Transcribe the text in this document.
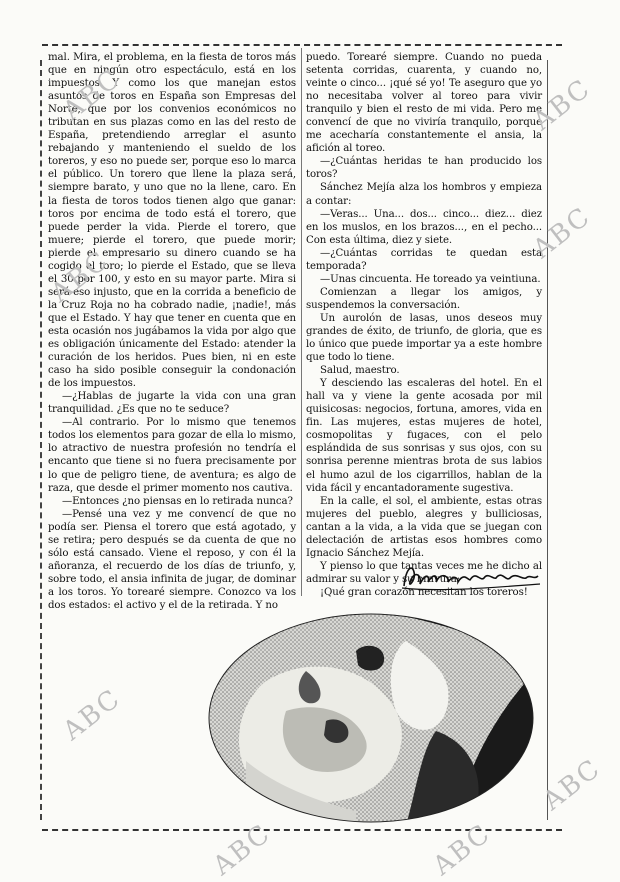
mal. Mira, el problema, en la fiesta de toros más que en ningún otro espectáculo, está en los impuestos. Y como los que manejan estos asuntos de toros en España son Empresas del Norte, que por los convenios económicos no tributan en sus plazas como en las del resto de España, pretendiendo arreglar el asunto rebajando y manteniendo el sueldo de los toreros, y eso no puede ser, porque eso lo marca el público. Un torero que llene la plaza será, siempre barato, y uno que no la llene, caro. En la fiesta de toros todos tienen algo que ganar: toros por encima de todo está el torero, que puede perder la vida. Pierde el torero, que muere; pierde el torero, que puede morir; pierde el empresario su dinero cuando se ha cogido el toro; lo pierde el Estado, que se lleva el 30 por 100, y esto en su mayor parte. Mira si será eso injusto, que en la corrida a beneficio de la Cruz Roja no ha cobrado nadie, ¡nadie!, más que el Estado. Y hay que tener en cuenta que en esta ocasión nos jugábamos la vida por algo que es obligación únicamente del Estado: atender la curación de los heridos. Pues bien, ni en este caso ha sido posible conseguir la condonación de los impuestos.

—¿Hablas de jugarte la vida con una gran tranquilidad. ¿Es que no te seduce?

—Al contrario. Por lo mismo que tenemos todos los elementos para gozar de ella lo mismo, lo atractivo de nuestra profesión no tendría el encanto que tiene si no fuera precisamente por lo que de peligro tiene, de aventura; es algo de raza, que desde el primer momento nos cautiva.

—Entonces ¿no piensas en lo retirada nunca?

—Pensé una vez y me convencí de que no podía ser. Piensa el torero que está agotado, y se retira; pero después se da cuenta de que no sólo está cansado. Viene el reposo, y con él la añoranza, el recuerdo de los días de triunfo, y, sobre todo, el ansia infinita de jugar, de dominar a los toros. Yo torearé siempre. Conozco va los dos estados: el activo y el de la retirada. Y no

puedo. Torearé siempre. Cuando no pueda setenta corridas, cuarenta, y cuando no, veinte o cinco... ¡qué sé yo! Te aseguro que yo no necesitaba volver al toreo para vivir tranquilo y bien el resto de mi vida. Pero me convencí de que no viviría tranquilo, porque me acecharía constantemente el ansia, la afición al toreo.

—¿Cuántas heridas te han producido los toros?

Sánchez Mejía alza los hombros y empieza a contar:

—Veras... Una... dos... cinco... diez... diez en los muslos, en los brazos..., en el pecho... Con esta última, diez y siete.

—¿Cuántas corridas te quedan esta temporada?

—Unas cincuenta. He toreado ya veintiuna.

Comienzan a llegar los amigos, y suspendemos la conversación.

Un aurolón de lasas, unos deseos muy grandes de éxito, de triunfo, de gloria, que es lo único que puede importar ya a este hombre que todo lo tiene.

Salud, maestro.

Y desciendo las escaleras del hotel. En el hall va y viene la gente acosada por mil quisicosas: negocios, fortuna, amores, vida en fin. Las mujeres, estas mujeres de hotel, cosmopolitas y fugaces, con el pelo esplándida de sus sonrisas y sus ojos, con su sonrisa perenne mientras brota de sus labios el humo azul de los cigarrillos, hablan de la vida fácil y encantadoramente sugestiva.

En la calle, el sol, el ambiente, estas otras mujeres del pueblo, alegres y bulliciosas, cantan a la vida, a la vida que se juegan con delectación de artistas esos hombres como Ignacio Sánchez Mejía.

Y pienso lo que tantas veces me he dicho al admirar su valor y su bravura:

¡Qué gran corazón necesitan los toreros!

ABC	ABC
ABC
ABC
ABC
ABC
ABC	ABC
